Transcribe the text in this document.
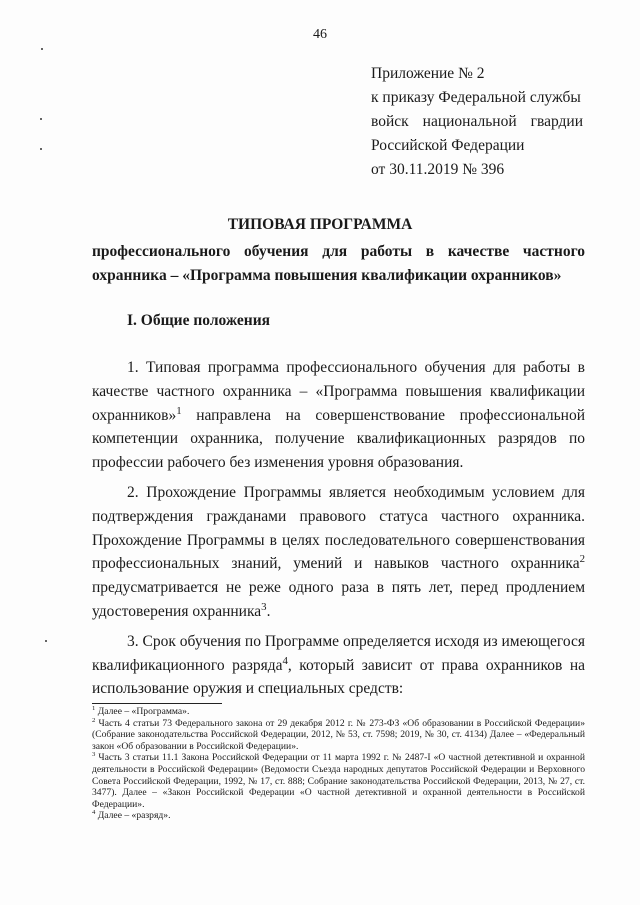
46
Приложение № 2
к приказу Федеральной службы
войск национальной гвардии
Российской Федерации
от 30.11.2019 № 396
ТИПОВАЯ ПРОГРАММА
профессионального обучения для работы в качестве частного
охранника – «Программа повышения квалификации охранников»
I. Общие положения

1. Типовая программа профессионального обучения для работы в качестве частного охранника – «Программа повышения квалификации охранников»$^1$ направлена на совершенствование профессиональной компетенции охранника, получение квалификационных разрядов по профессии рабочего без изменения уровня образования.

2. Прохождение Программы является необходимым условием для подтверждения гражданами правового статуса частного охранника. Прохождение Программы в целях последовательного совершенствования профессиональных знаний, умений и навыков частного охранника$^2$ предусматривается не реже одного раза в пять лет, перед продлением удостоверения охранника$^3$.

3. Срок обучения по Программе определяется исходя из имеющегося квалификационного разряда$^4$, который зависит от права охранников на использование оружия и специальных средств:

$^1$ Далее – «Программа».
$^2$ Часть 4 статьи 73 Федерального закона от 29 декабря 2012 г. № 273-ФЗ «Об образовании в Российской Федерации» (Собрание законодательства Российской Федерации, 2012, № 53, ст. 7598; 2019, № 30, ст. 4134) Далее – «Федеральный закон «Об образовании в Российской Федерации».
$^3$ Часть 3 статьи 11.1 Закона Российской Федерации от 11 марта 1992 г. № 2487-I «О частной детективной и охранной деятельности в Российской Федерации» (Ведомости Съезда народных депутатов Российской Федерации и Верховного Совета Российской Федерации, 1992, № 17, ст. 888; Собрание законодательства Российской Федерации, 2013, № 27, ст. 3477). Далее – «Закон Российской Федерации «О частной детективной и охранной деятельности в Российской Федерации».
$^4$ Далее – «разряд».
